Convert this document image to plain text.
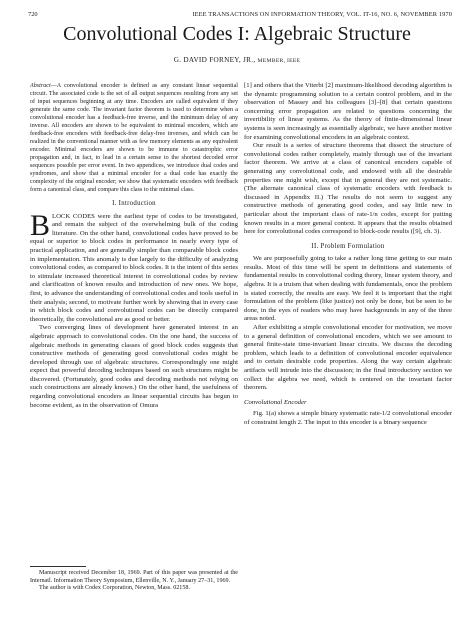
720	IEEE TRANSACTIONS ON INFORMATION THEORY, VOL. IT-16, NO. 6, NOVEMBER 1970
Convolutional Codes I: Algebraic Structure
G. DAVID FORNEY, JR., MEMBER, IEEE

Abstract—A convolutional encoder is defined as any constant linear sequential circuit. The associated code is the set of all output sequences resulting from any set of input sequences beginning at any time. Encoders are called equivalent if they generate the same code. The invariant factor theorem is used to determine when a convolutional encoder has a feedback-free inverse, and the minimum delay of any inverse. All encoders are shown to be equivalent to minimal encoders, which are feedback-free encoders with feedback-free delay-free inverses, and which can be realized in the conventional manner with as few memory elements as any equivalent encoder. Minimal encoders are shown to be immune to catastrophic error propagation and, in fact, to lead in a certain sense to the shortest decoded error sequences possible per error event. In two appendices, we introduce dual codes and syndromes, and show that a minimal encoder for a dual code has exactly the complexity of the original encoder; we show that systematic encoders with feedback form a canonical class, and compare this class to the minimal class.

I. Introduction

BLOCK CODES were the earliest type of codes to be investigated, and remain the subject of the overwhelming bulk of the coding literature. On the other hand, convolutional codes have proved to be equal or superior to block codes in performance in nearly every type of practical application, and are generally simpler than comparable block codes in implementation. This anomaly is due largely to the difficulty of analyzing convolutional codes, as compared to block codes. It is the intent of this series to stimulate increased theoretical interest in convolutional codes by review and clarification of known results and introduction of new ones. We hope, first, to advance the understanding of convolutional codes and tools useful in their analysis; second, to motivate further work by showing that in every case in which block codes and convolutional codes can be directly compared theoretically, the convolutional are as good or better.

Two converging lines of development have generated interest in an algebraic approach to convolutional codes. On the one hand, the success of algebraic methods in generating classes of good block codes suggests that constructive methods of generating good convolutional codes might be developed through use of algebraic structures. Correspondingly one might expect that powerful decoding techniques based on such structures might be discovered. (Fortunately, good codes and decoding methods not relying on such constructions are already known.) On the other hand, the usefulness of regarding convolutional encoders as linear sequential circuits has begun to become evident, as in the observation of Omura

Manuscript received December 18, 1969. Part of this paper was presented at the Internatl. Information Theory Symposium, Ellenville, N. Y., January 27–31, 1969.

The author is with Codex Corporation, Newton, Mass. 02158.

[1] and others that the Viterbi [2] maximum-likelihood decoding algorithm is the dynamic programming solution to a certain control problem, and in the observation of Massey and his colleagues [3]–[8] that certain questions concerning error propagation are related to questions concerning the invertibility of linear systems. As the theory of finite-dimensional linear systems is seen increasingly as essentially algebraic, we have another motive for examining convolutional encoders in an algebraic context.

Our result is a series of structure theorems that dissect the structure of convolutional codes rather completely, mainly through use of the invariant factor theorem. We arrive at a class of canonical encoders capable of generating any convolutional code, and endowed with all the desirable properties one might wish, except that in general they are not systematic. (The alternate canonical class of systematic encoders with feedback is discussed in Appendix II.) The results do not seem to suggest any constructive methods of generating good codes, and say little new in particular about the important class of rate-1/n codes, except for putting known results in a more general context. It appears that the results obtained here for convolutional codes correspond to block-code results ([9], ch. 3).

II. Problem Formulation

We are purposefully going to take a rather long time getting to our main results. Most of this time will be spent in definitions and statements of fundamental results in convolutional coding theory, linear system theory, and algebra. It is a truism that when dealing with fundamentals, once the problem is stated correctly, the results are easy. We feel it is important that the right formulation of the problem (like justice) not only be done, but be seen to be done, in the eyes of readers who may have backgrounds in any of the three areas noted.

After exhibiting a simple convolutional encoder for motivation, we move to a general definition of convolutional encoders, which we see amount to general finite-state time-invariant linear circuits. We discuss the decoding problem, which leads to a definition of convolutional encoder equivalence and to certain desirable code properties. Along the way certain algebraic artifacts will intrude into the discussion; in the final introductory section we collect the algebra we need, which is centered on the invariant factor theorem.

Convolutional Encoder

Fig. 1(a) shows a simple binary systematic rate-1/2 convolutional encoder of constraint length 2. The input to this encoder is a binary sequence
